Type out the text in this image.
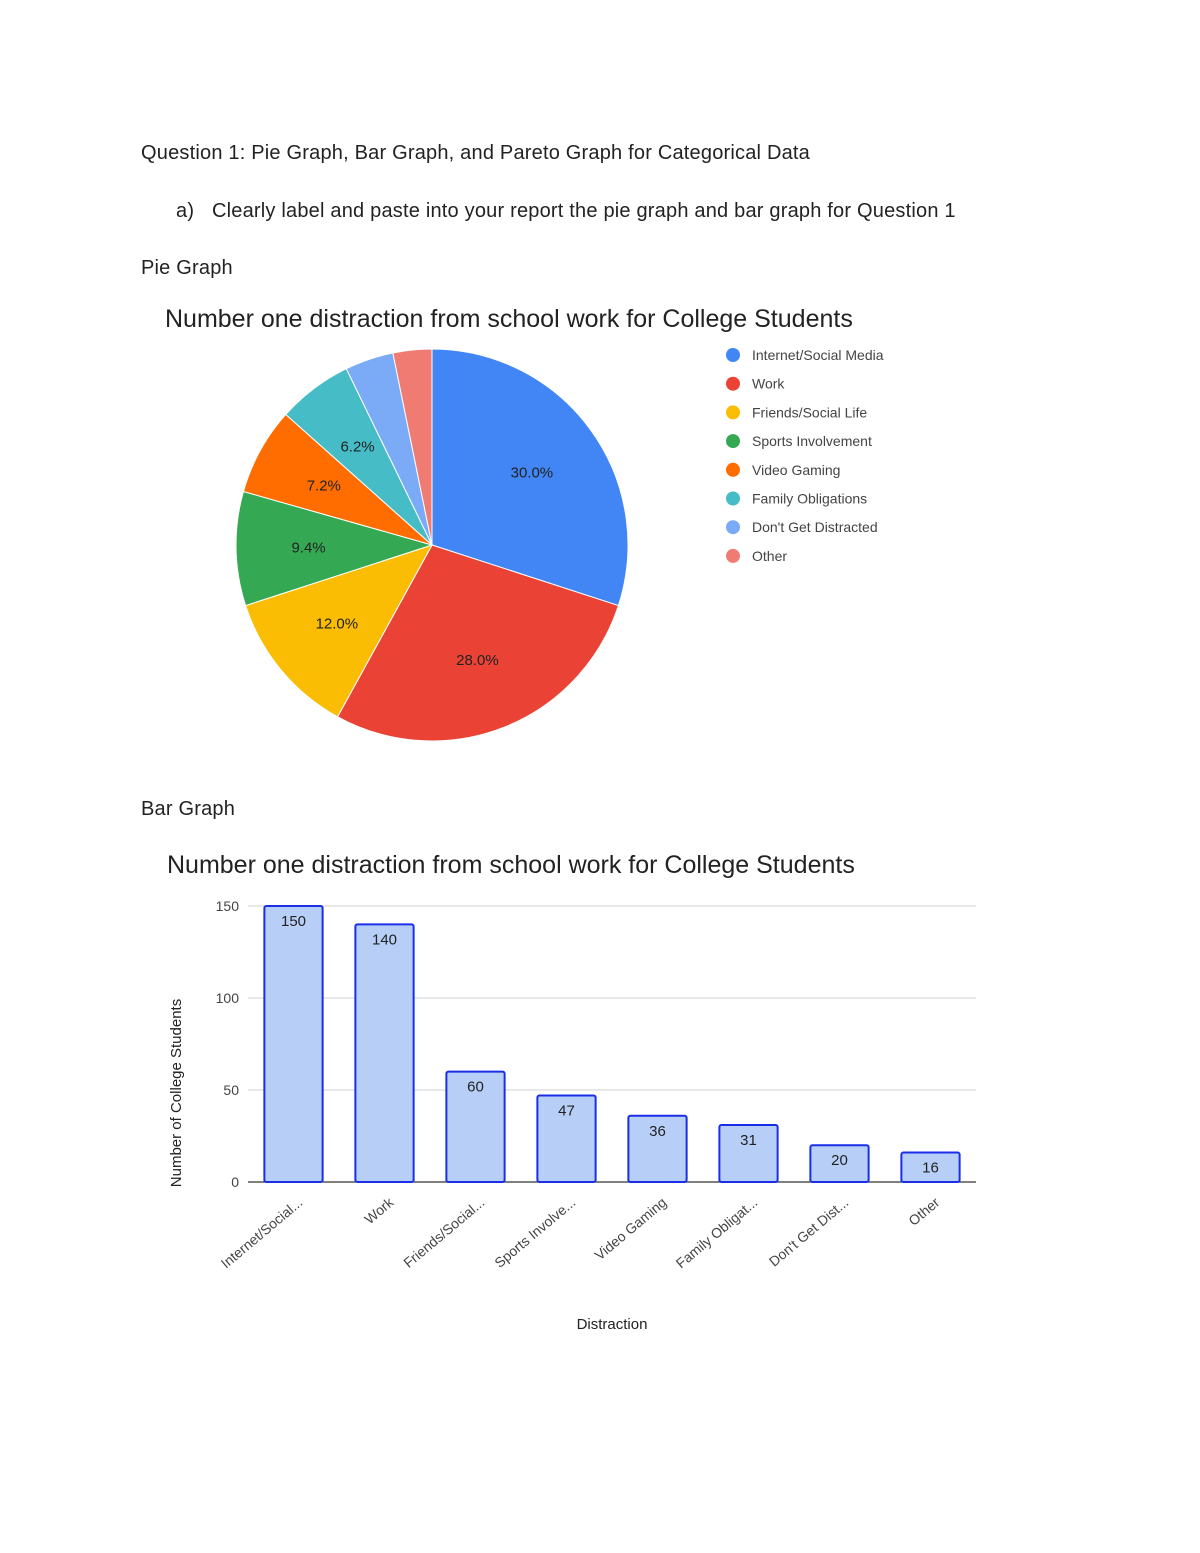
Question 1: Pie Graph, Bar Graph, and Pareto Graph for Categorical Data
a) Clearly label and paste into your report the pie graph and bar graph for Question 1
Pie Graph
Number one distraction from school work for College Students
30.0%
28.0%
12.0%
9.4%
7.2%
6.2%
Internet/Social Media
Work
Friends/Social Life
Sports Involvement
Video Gaming
Family Obligations
Don't Get Distracted
Other
Bar Graph
Number one distraction from school work for College Students
0
50
100
150
150
140
60
47
36
31
20	16
Internet/Social...	Work Friends/Social... Sports Involve... Video Gaming Family Obligat... Don't Get Dist...	Other
Number of College Students
Distraction
